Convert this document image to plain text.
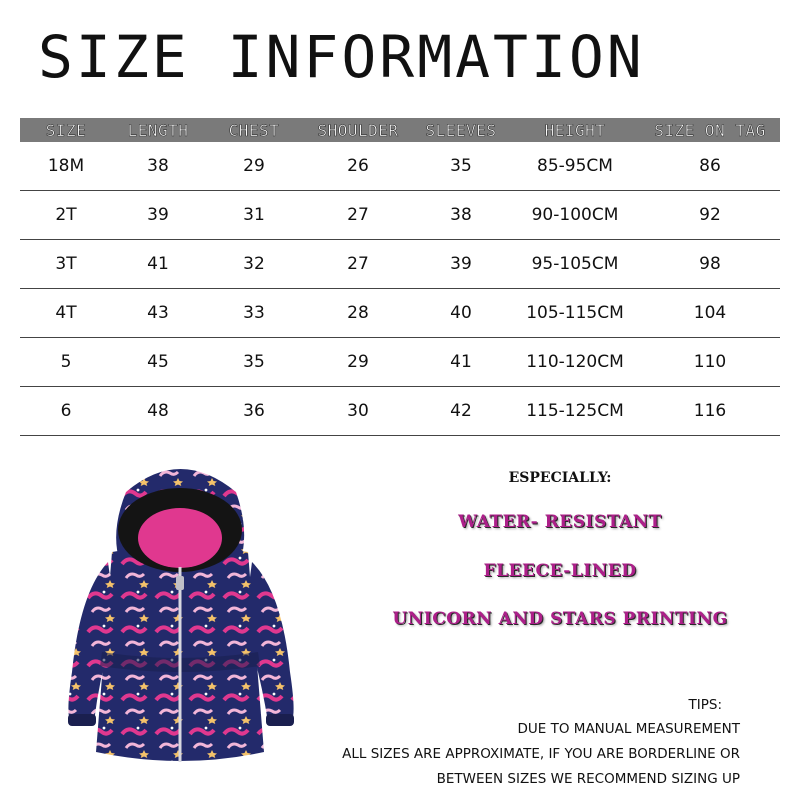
SIZE INFORMATION
SIZE	LENGTH	CHEST	SHOULDER	SLEEVES	HEIGHT	SIZE ON TAG
18M	38	29	26	35	85-95CM	86
2T	39	31	27	38	90-100CM	92
3T	41	32	27	39	95-105CM	98
4T	43	33	28	40	105-115CM	104
5	45	35	29	41	110-120CM	110
6	48	36	30	42	115-125CM	116
ESPECIALLY:
WATER- RESISTANT
FLEECE-LINED
UNICORN AND STARS PRINTING
TIPS:
DUE TO MANUAL MEASUREMENT
ALL SIZES ARE APPROXIMATE, IF YOU ARE BORDERLINE OR
BETWEEN SIZES WE RECOMMEND SIZING UP
